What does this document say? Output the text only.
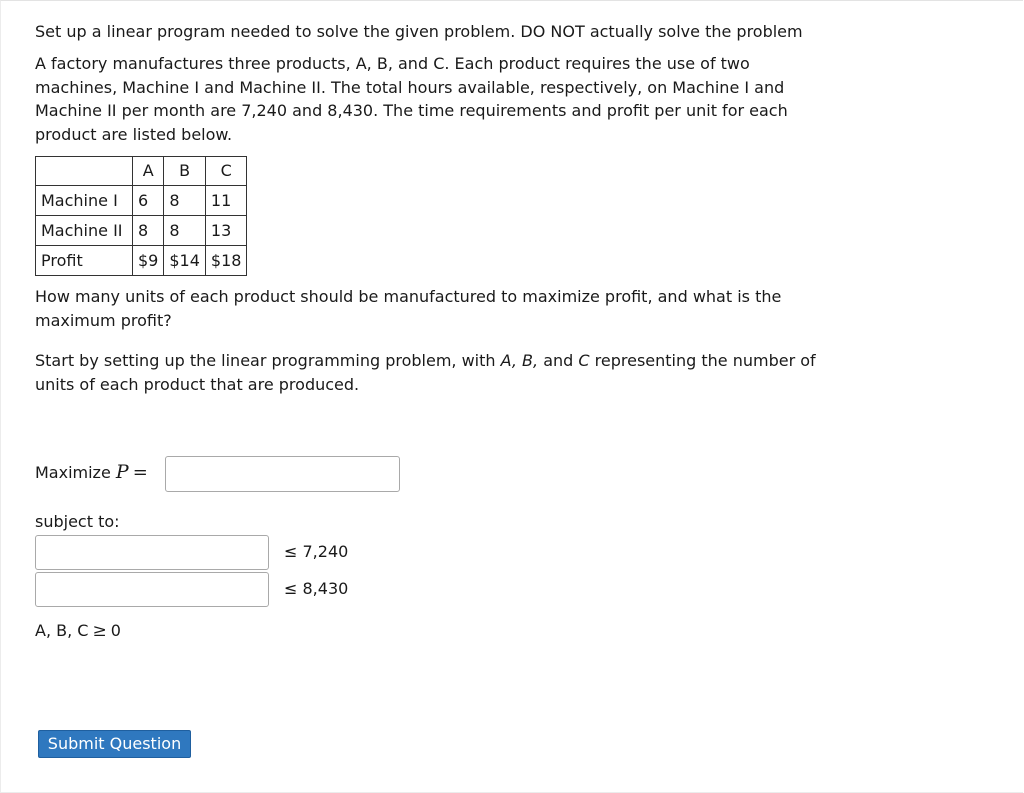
Set up a linear program needed to solve the given problem. DO NOT actually solve the problem

A factory manufactures three products, A, B, and C. Each product requires the use of two machines, Machine I and Machine II. The total hours available, respectively, on Machine I and Machine II per month are 7,240 and 8,430. The time requirements and profit per unit for each product are listed below.

	A	B	C
Machine I	6	8	11
Machine II	8	8	13
Profit	$9	$14	$18

How many units of each product should be manufactured to maximize profit, and what is the maximum profit?

Start by setting up the linear programming problem, with A, B, and C representing the number of units of each product that are produced.

Maximize P =
subject to:
≤ 7,240
≤ 8,430
A, B, C ≥ 0
Submit Question
